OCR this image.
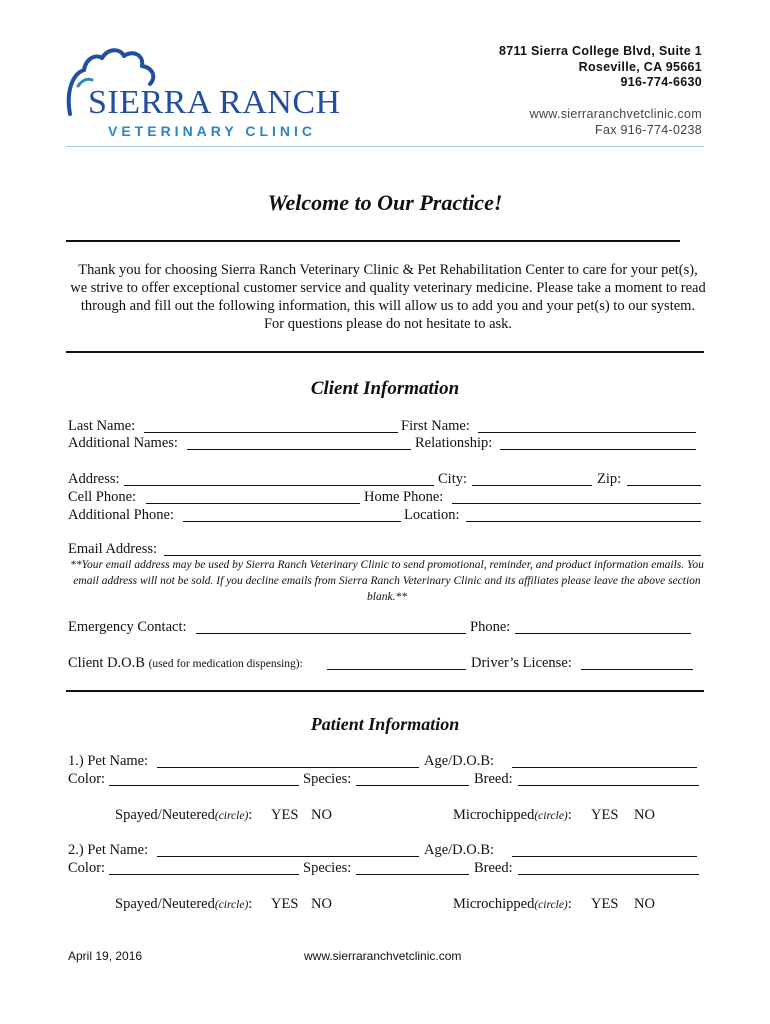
SIERRA RANCH
VETERINARY CLINIC
8711 Sierra College Blvd, Suite 1
Roseville, CA 95661
916-774-6630
www.sierraranchvetclinic.com
Fax 916-774-0238
Welcome to Our Practice!
Thank you for choosing Sierra Ranch Veterinary Clinic & Pet Rehabilitation Center to care for your pet(s), we strive to offer exceptional customer service and quality veterinary medicine. Please take a moment to read through and fill out the following information, this will allow us to add you and your pet(s) to our system. For questions please do not hesitate to ask.
Client Information
Last Name:	First Name:
Additional Names:	Relationship:
Address:	City:	Zip:
Cell Phone:	Home Phone:
Additional Phone:	Location:
Email Address:
**Your email address may be used by Sierra Ranch Veterinary Clinic to send promotional, reminder, and product information emails. You email address will not be sold. If you decline emails from Sierra Ranch Veterinary Clinic and its affiliates please leave the above section blank.**
Emergency Contact:	Phone:
Client D.O.B (used for medication dispensing):	Driver’s License:
Patient Information
1.) Pet Name:	Age/D.O.B:
Color:	Species:	Breed:
Spayed/Neutered(circle): YES NO	Microchipped(circle): YES NO
2.) Pet Name:	Age/D.O.B:
Color:	Species:	Breed:
Spayed/Neutered(circle): YES NO	Microchipped(circle): YES NO
April 19, 2016	www.sierraranchvetclinic.com
